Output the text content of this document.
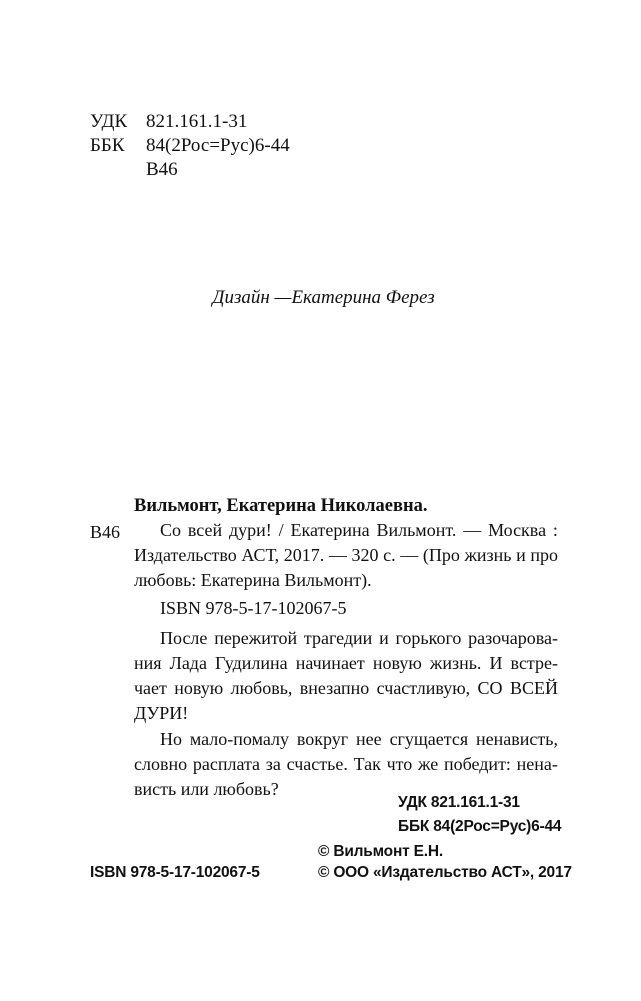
УДК 821.161.1-31
ББК 84(2Рос=Рус)6-44
В46
Дизайн —Екатерина Ферез
Вильмонт, Екатерина Николаевна.
В46 Со всей дури! / Екатерина Вильмонт. — Москва :
Издательство АСТ, 2017. — 320 с. — (Про жизнь и про
любовь: Екатерина Вильмонт).
ISBN 978-5-17-102067-5
После пережитой трагедии и горького разочарова-
ния Лада Гудилина начинает новую жизнь. И встре-
чает новую любовь, внезапно счастливую, СО ВСЕЙ
ДУРИ!
Но мало-помалу вокруг нее сгущается ненависть,
словно расплата за счастье. Так что же победит: нена-
висть или любовь?
УДК 821.161.1-31
ББК 84(2Рос=Рус)6-44
ISBN 978-5-17-102067-5
© Вильмонт Е.Н.
© ООО «Издательство АСТ», 2017
